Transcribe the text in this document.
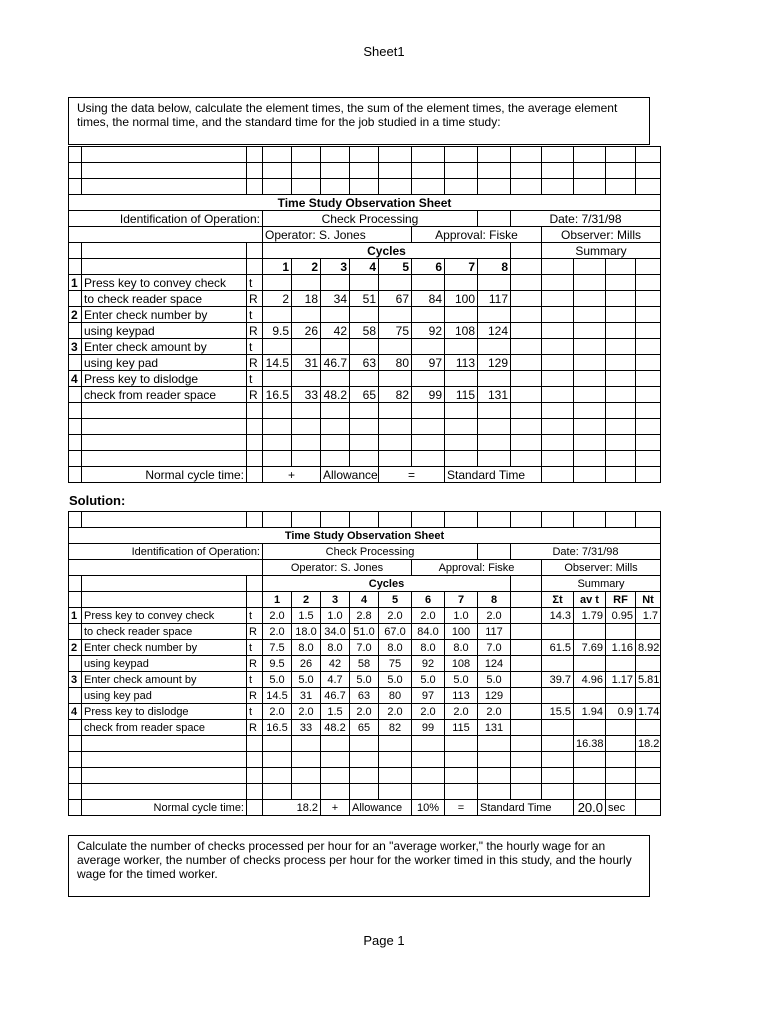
Sheet1
Using the data below, calculate the element times, the sum of the element times, the average element times, the normal time, and the standard time for the job studied in a time study:

Time Study Observation Sheet															
Identification of Operation:			Check Processing								Date: 7/31/98				
			Operator: S. Jones					Approval: Fiske				Observer: Mills			
			Cycles									Summary			
			1	2	3	4	5	6	7	8					
1	Press key to convey check	t													
	to check reader space	R	2	18	34	51	67	84	100	117					
2	Enter check number by	t													
	using keypad	R	9.5	26	42	58	75	92	108	124					
3	Enter check amount by	t													
	using key pad	R	14.5	31	46.7	63	80	97	113	129					
4	Press key to dislodge	t													
	check from reader space	R	16.5	33	48.2	65	82	99	115	131					

	Normal cycle time:		+		Allowance		=		Standard Time						
Solution:

Time Study Observation Sheet															
Identification of Operation:			Check Processing								Date: 7/31/98				
			Operator: S. Jones					Approval: Fiske				Observer: Mills			
			Cycles									Summary			
			1	2	3	4	5	6	7	8		Σt	av t	RF	Nt
1	Press key to convey check	t	2.0	1.5	1.0	2.8	2.0	2.0	1.0	2.0		14.3	1.79	0.95	1.7
	to check reader space	R	2.0	18.0	34.0	51.0	67.0	84.0	100	117					
2	Enter check number by	t	7.5	8.0	8.0	7.0	8.0	8.0	8.0	7.0		61.5	7.69	1.16	8.92
	using keypad	R	9.5	26	42	58	75	92	108	124					
3	Enter check amount by	t	5.0	5.0	4.7	5.0	5.0	5.0	5.0	5.0		39.7	4.96	1.17	5.81
	using key pad	R	14.5	31	46.7	63	80	97	113	129					
4	Press key to dislodge	t	2.0	2.0	1.5	2.0	2.0	2.0	2.0	2.0		15.5	1.94	0.9	1.74
	check from reader space	R	16.5	33	48.2	65	82	99	115	131					
													16.38		18.2

	Normal cycle time:		18.2		+	Allowance		10%	=	Standard Time			20.0	sec	
Calculate the number of checks processed per hour for an "average worker," the hourly wage for an average worker, the number of checks process per hour for the worker timed in this study, and the hourly wage for the timed worker.
Page 1
